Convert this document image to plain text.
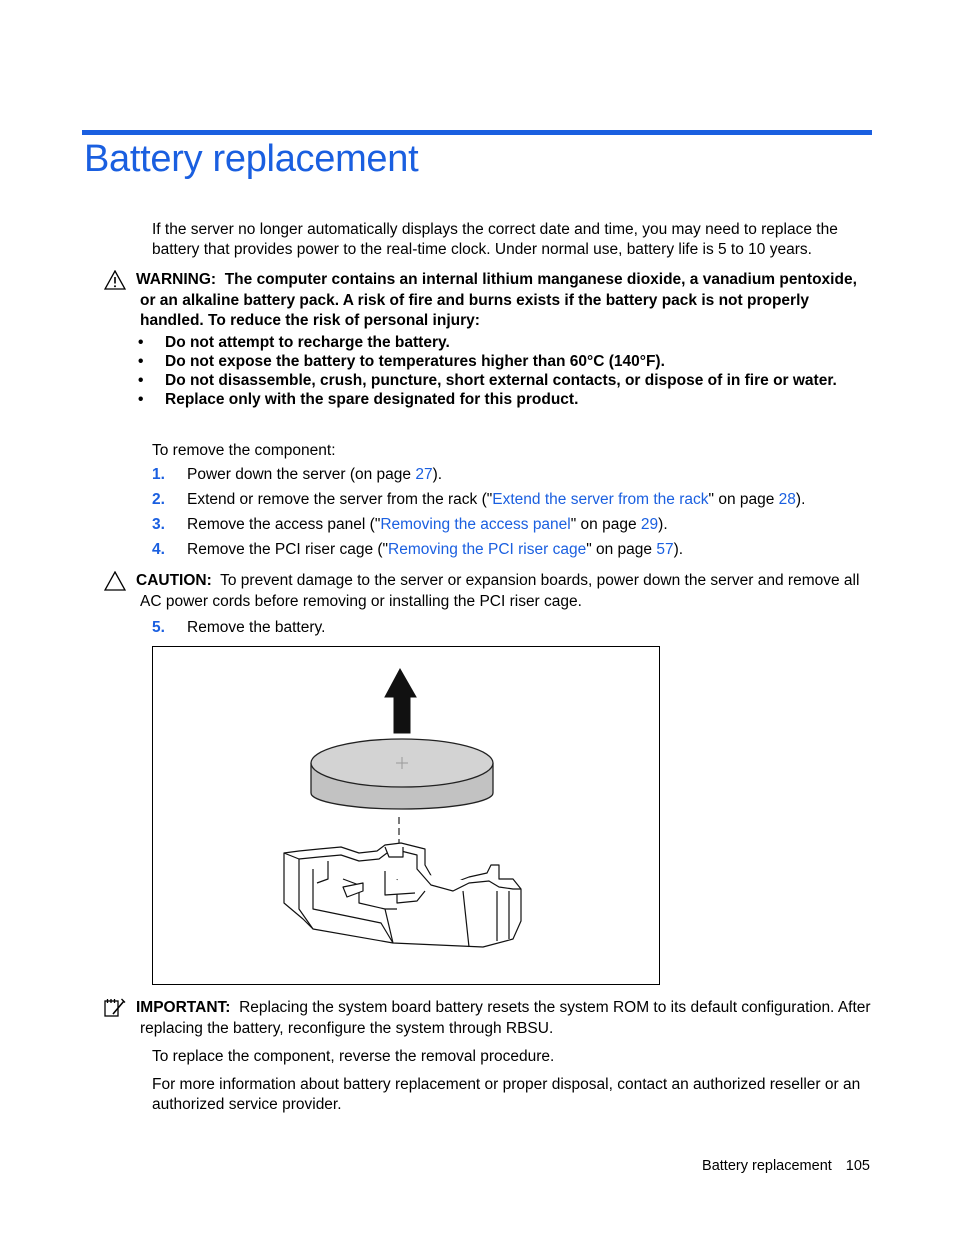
Battery replacement
If the server no longer automatically displays the correct date and time, you may need to replace the battery that provides power to the real-time clock. Under normal use, battery life is 5 to 10 years.
WARNING: The computer contains an internal lithium manganese dioxide, a vanadium pentoxide, or an alkaline battery pack. A risk of fire and burns exists if the battery pack is not properly handled. To reduce the risk of personal injury:
• Do not attempt to recharge the battery.
• Do not expose the battery to temperatures higher than 60°C (140°F).
• Do not disassemble, crush, puncture, short external contacts, or dispose of in fire or water.
• Replace only with the spare designated for this product.
To remove the component:
1. Power down the server (on page 27).
2. Extend or remove the server from the rack ("Extend the server from the rack" on page 28).
3. Remove the access panel ("Removing the access panel" on page 29).
4. Remove the PCI riser cage ("Removing the PCI riser cage" on page 57).
CAUTION: To prevent damage to the server or expansion boards, power down the server and remove all AC power cords before removing or installing the PCI riser cage.
5. Remove the battery.
IMPORTANT: Replacing the system board battery resets the system ROM to its default configuration. After replacing the battery, reconfigure the system through RBSU.
To replace the component, reverse the removal procedure.
For more information about battery replacement or proper disposal, contact an authorized reseller or an authorized service provider.
Battery replacement 105
